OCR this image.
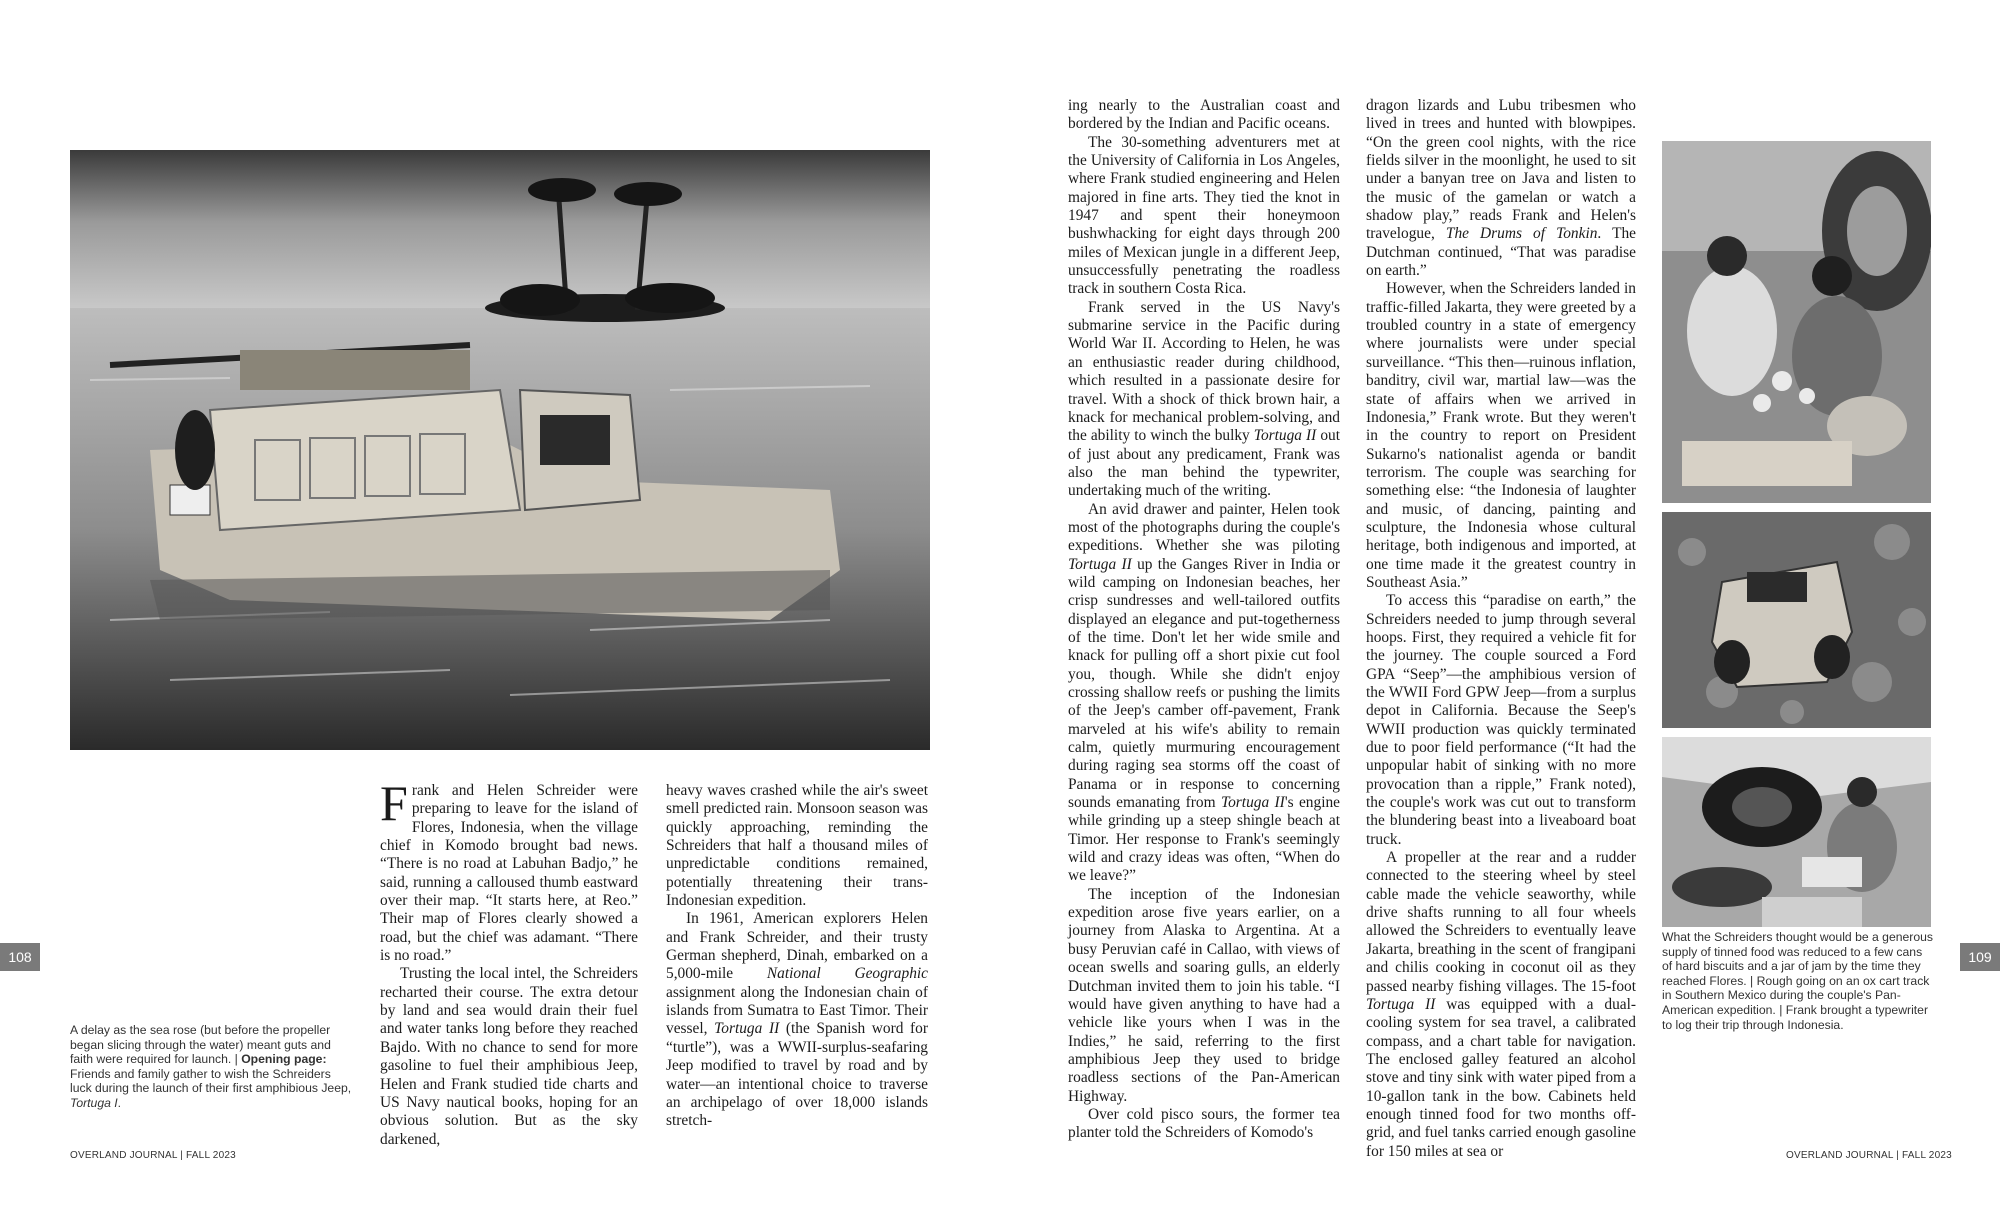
A delay as the sea rose (but before the propeller began slicing through the water) meant guts and faith were required for launch. | Opening page: Friends and family gather to wish the Schreiders luck during the launch of their first amphibious Jeep, Tortuga I.
What the Schreiders thought would be a generous supply of tinned food was reduced to a few cans of hard biscuits and a jar of jam by the time they reached Flores. | Rough going on an ox cart track in Southern Mexico during the couple's Pan-American expedition. | Frank brought a typewriter to log their trip through Indonesia.
108	109
OVERLAND JOURNAL | FALL 2023	OVERLAND JOURNAL | FALL 2023

Frank and Helen Schreider were preparing to leave for the island of Flores, Indonesia, when the village chief in Komodo brought bad news. “There is no road at Labuhan Badjo,” he said, running a calloused thumb eastward over their map. “It starts here, at Reo.” Their map of Flores clearly showed a road, but the chief was adamant. “There is no road.”

Trusting the local intel, the Schreiders recharted their course. The extra detour by land and sea would drain their fuel and water tanks long before they reached Bajdo. With no chance to send for more gasoline to fuel their amphibious Jeep, Helen and Frank studied tide charts and US Navy nautical books, hoping for an obvious solution. But as the sky darkened,

heavy waves crashed while the air's sweet smell predicted rain. Monsoon season was quickly approaching, reminding the Schreiders that half a thousand miles of unpredictable conditions remained, potentially threatening their trans-Indonesian expedition.

In 1961, American explorers Helen and Frank Schreider, and their trusty German shepherd, Dinah, embarked on a 5,000-mile National Geographic assignment along the Indonesian chain of islands from Sumatra to East Timor. Their vessel, Tortuga II (the Spanish word for “turtle”), was a WWII-surplus-seafaring Jeep modified to travel by road and by water—an intentional choice to traverse an archipelago of over 18,000 islands stretch-

ing nearly to the Australian coast and bordered by the Indian and Pacific oceans.

The 30-something adventurers met at the University of California in Los Angeles, where Frank studied engineering and Helen majored in fine arts. They tied the knot in 1947 and spent their honeymoon bushwhacking for eight days through 200 miles of Mexican jungle in a different Jeep, unsuccessfully penetrating the roadless track in southern Costa Rica.

Frank served in the US Navy's submarine service in the Pacific during World War II. According to Helen, he was an enthusiastic reader during childhood, which resulted in a passionate desire for travel. With a shock of thick brown hair, a knack for mechanical problem-solving, and the ability to winch the bulky Tortuga II out of just about any predicament, Frank was also the man behind the typewriter, undertaking much of the writing.

An avid drawer and painter, Helen took most of the photographs during the couple's expeditions. Whether she was piloting Tortuga II up the Ganges River in India or wild camping on Indonesian beaches, her crisp sundresses and well-tailored outfits displayed an elegance and put-togetherness of the time. Don't let her wide smile and knack for pulling off a short pixie cut fool you, though. While she didn't enjoy crossing shallow reefs or pushing the limits of the Jeep's camber off-pavement, Frank marveled at his wife's ability to remain calm, quietly murmuring encouragement during raging sea storms off the coast of Panama or in response to concerning sounds emanating from Tortuga II's engine while grinding up a steep shingle beach at Timor. Her response to Frank's seemingly wild and crazy ideas was often, “When do we leave?”

The inception of the Indonesian expedition arose five years earlier, on a journey from Alaska to Argentina. At a busy Peruvian café in Callao, with views of ocean swells and soaring gulls, an elderly Dutchman invited them to join his table. “I would have given anything to have had a vehicle like yours when I was in the Indies,” he said, referring to the first amphibious Jeep they used to bridge roadless sections of the Pan-American Highway.

Over cold pisco sours, the former tea planter told the Schreiders of Komodo's

dragon lizards and Lubu tribesmen who lived in trees and hunted with blowpipes. “On the green cool nights, with the rice fields silver in the moonlight, he used to sit under a banyan tree on Java and listen to the music of the gamelan or watch a shadow play,” reads Frank and Helen's travelogue, The Drums of Tonkin. The Dutchman continued, “That was paradise on earth.”

However, when the Schreiders landed in traffic-filled Jakarta, they were greeted by a troubled country in a state of emergency where journalists were under special surveillance. “This then—ruinous inflation, banditry, civil war, martial law—was the state of affairs when we arrived in Indonesia,” Frank wrote. But they weren't in the country to report on President Sukarno's nationalist agenda or bandit terrorism. The couple was searching for something else: “the Indonesia of laughter and music, of dancing, painting and sculpture, the Indonesia whose cultural heritage, both indigenous and imported, at one time made it the greatest country in Southeast Asia.”

To access this “paradise on earth,” the Schreiders needed to jump through several hoops. First, they required a vehicle fit for the journey. The couple sourced a Ford GPA “Seep”—the amphibious version of the WWII Ford GPW Jeep—from a surplus depot in California. Because the Seep's WWII production was quickly terminated due to poor field performance (“It had the unpopular habit of sinking with no more provocation than a ripple,” Frank noted), the couple's work was cut out to transform the blundering beast into a liveaboard boat truck.

A propeller at the rear and a rudder connected to the steering wheel by steel cable made the vehicle seaworthy, while drive shafts running to all four wheels allowed the Schreiders to eventually leave Jakarta, breathing in the scent of frangipani and chilis cooking in coconut oil as they passed nearby fishing villages. The 15-foot Tortuga II was equipped with a dual-cooling system for sea travel, a calibrated compass, and a chart table for navigation. The enclosed galley featured an alcohol stove and tiny sink with water piped from a 10-gallon tank in the bow. Cabinets held enough tinned food for two months off-grid, and fuel tanks carried enough gasoline for 150 miles at sea or
